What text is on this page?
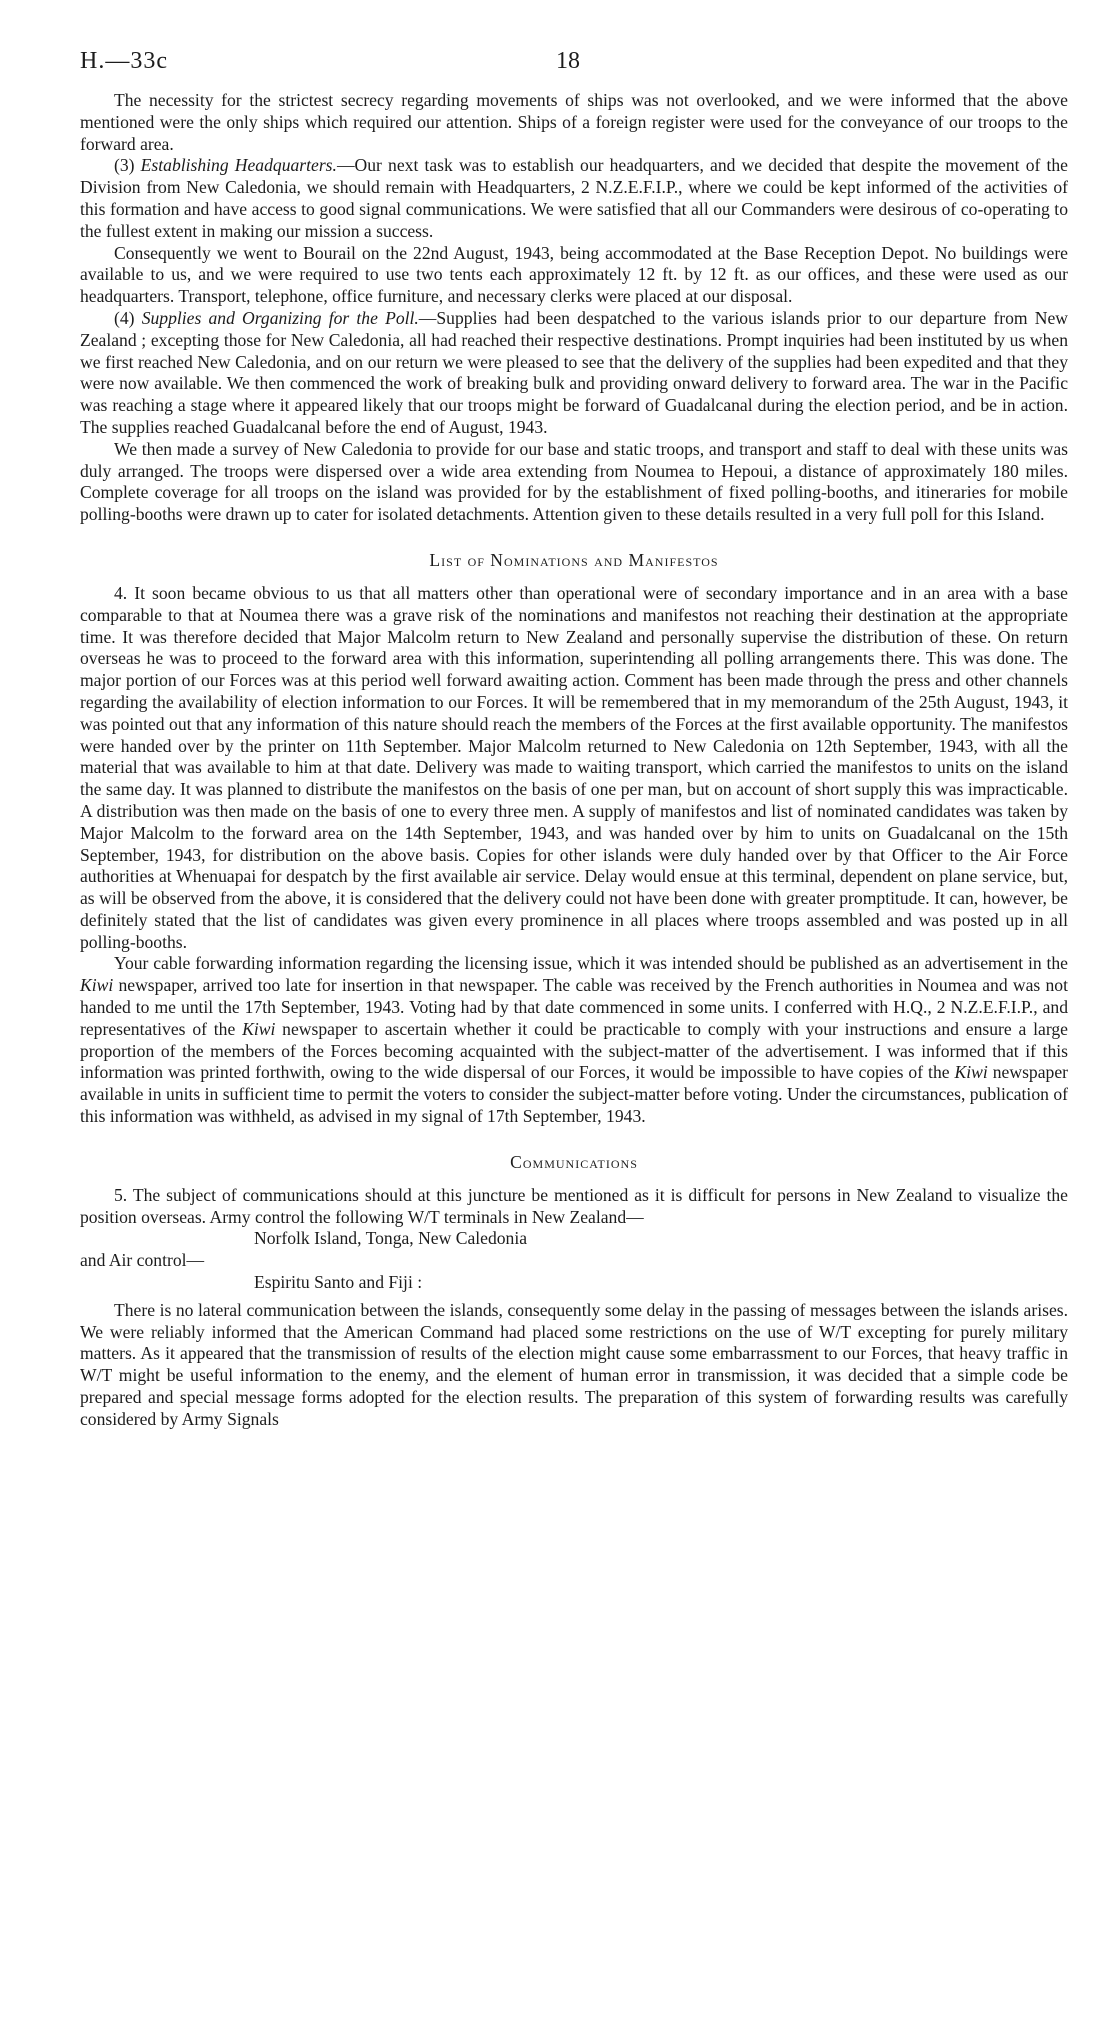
H.—33c	18

The necessity for the strictest secrecy regarding movements of ships was not overlooked, and we were informed that the above mentioned were the only ships which required our attention. Ships of a foreign register were used for the conveyance of our troops to the forward area.

(3) Establishing Headquarters.—Our next task was to establish our headquarters, and we decided that despite the movement of the Division from New Caledonia, we should remain with Headquarters, 2 N.Z.E.F.I.P., where we could be kept informed of the activities of this formation and have access to good signal communications. We were satisfied that all our Commanders were desirous of co-operating to the fullest extent in making our mission a success.

Consequently we went to Bourail on the 22nd August, 1943, being accommodated at the Base Reception Depot. No buildings were available to us, and we were required to use two tents each approximately 12 ft. by 12 ft. as our offices, and these were used as our headquarters. Transport, telephone, office furniture, and necessary clerks were placed at our disposal.

(4) Supplies and Organizing for the Poll.—Supplies had been despatched to the various islands prior to our departure from New Zealand ; excepting those for New Caledonia, all had reached their respective destinations. Prompt inquiries had been instituted by us when we first reached New Caledonia, and on our return we were pleased to see that the delivery of the supplies had been expedited and that they were now available. We then commenced the work of breaking bulk and providing onward delivery to forward area. The war in the Pacific was reaching a stage where it appeared likely that our troops might be forward of Guadalcanal during the election period, and be in action. The supplies reached Guadalcanal before the end of August, 1943.

We then made a survey of New Caledonia to provide for our base and static troops, and transport and staff to deal with these units was duly arranged. The troops were dispersed over a wide area extending from Noumea to Hepoui, a distance of approximately 180 miles. Complete coverage for all troops on the island was provided for by the establishment of fixed polling-booths, and itineraries for mobile polling-booths were drawn up to cater for isolated detachments. Attention given to these details resulted in a very full poll for this Island.

List of Nominations and Manifestos

4. It soon became obvious to us that all matters other than operational were of secondary importance and in an area with a base comparable to that at Noumea there was a grave risk of the nominations and manifestos not reaching their destination at the appropriate time. It was therefore decided that Major Malcolm return to New Zealand and personally supervise the distribution of these. On return overseas he was to proceed to the forward area with this information, superintending all polling arrangements there. This was done. The major portion of our Forces was at this period well forward awaiting action. Comment has been made through the press and other channels regarding the availability of election information to our Forces. It will be remembered that in my memorandum of the 25th August, 1943, it was pointed out that any information of this nature should reach the members of the Forces at the first available opportunity. The manifestos were handed over by the printer on 11th September. Major Malcolm returned to New Caledonia on 12th September, 1943, with all the material that was available to him at that date. Delivery was made to waiting transport, which carried the manifestos to units on the island the same day. It was planned to distribute the manifestos on the basis of one per man, but on account of short supply this was impracticable. A distribution was then made on the basis of one to every three men. A supply of manifestos and list of nominated candidates was taken by Major Malcolm to the forward area on the 14th September, 1943, and was handed over by him to units on Guadalcanal on the 15th September, 1943, for distribution on the above basis. Copies for other islands were duly handed over by that Officer to the Air Force authorities at Whenuapai for despatch by the first available air service. Delay would ensue at this terminal, dependent on plane service, but, as will be observed from the above, it is considered that the delivery could not have been done with greater promptitude. It can, however, be definitely stated that the list of candidates was given every prominence in all places where troops assembled and was posted up in all polling-booths.

Your cable forwarding information regarding the licensing issue, which it was intended should be published as an advertisement in the Kiwi newspaper, arrived too late for insertion in that newspaper. The cable was received by the French authorities in Noumea and was not handed to me until the 17th September, 1943. Voting had by that date commenced in some units. I conferred with H.Q., 2 N.Z.E.F.I.P., and representatives of the Kiwi newspaper to ascertain whether it could be practicable to comply with your instructions and ensure a large proportion of the members of the Forces becoming acquainted with the subject-matter of the advertisement. I was informed that if this information was printed forthwith, owing to the wide dispersal of our Forces, it would be impossible to have copies of the Kiwi newspaper available in units in sufficient time to permit the voters to consider the subject-matter before voting. Under the circumstances, publication of this information was withheld, as advised in my signal of 17th September, 1943.

Communications

5. The subject of communications should at this juncture be mentioned as it is difficult for persons in New Zealand to visualize the position overseas. Army control the following W/T terminals in New Zealand—

Norfolk Island, Tonga, New Caledonia

and Air control—

Espiritu Santo and Fiji :

There is no lateral communication between the islands, consequently some delay in the passing of messages between the islands arises. We were reliably informed that the American Command had placed some restrictions on the use of W/T excepting for purely military matters. As it appeared that the transmission of results of the election might cause some embarrassment to our Forces, that heavy traffic in W/T might be useful information to the enemy, and the element of human error in transmission, it was decided that a simple code be prepared and special message forms adopted for the election results. The preparation of this system of forwarding results was carefully considered by Army Signals
